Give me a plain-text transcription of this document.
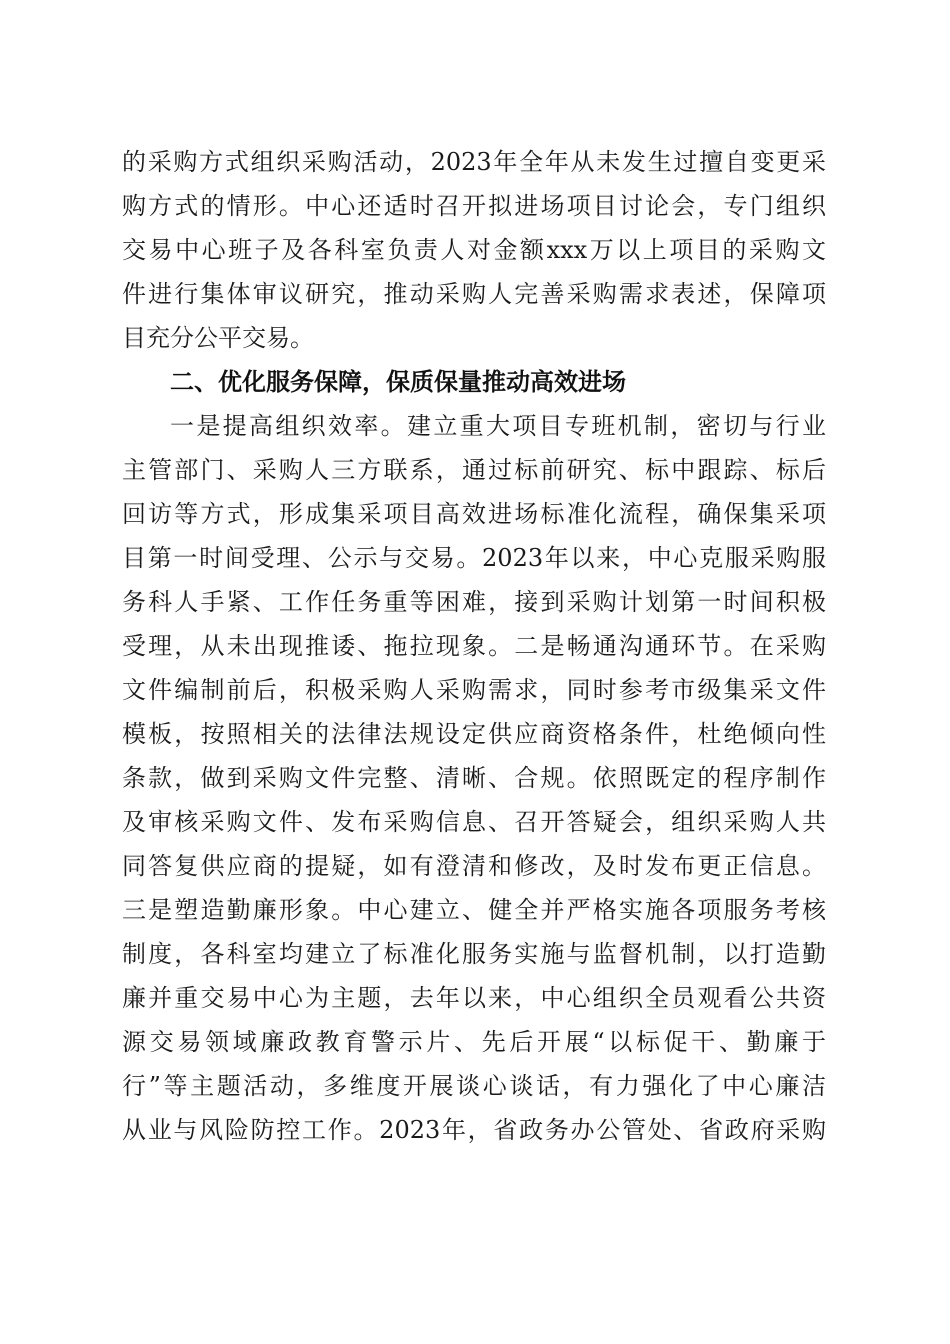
的采购方式组织采购活动，2023年全年从未发生过擅自变更采
购方式的情形。中心还适时召开拟进场项目讨论会，专门组织
交易中心班子及各科室负责人对金额xxx万以上项目的采购文
件进行集体审议研究，推动采购人完善采购需求表述，保障项
目充分公平交易。
二、优化服务保障，保质保量推动高效进场
一是提高组织效率。建立重大项目专班机制，密切与行业
主管部门、采购人三方联系，通过标前研究、标中跟踪、标后
回访等方式，形成集采项目高效进场标准化流程，确保集采项
目第一时间受理、公示与交易。2023年以来，中心克服采购服
务科人手紧、工作任务重等困难，接到采购计划第一时间积极
受理，从未出现推诿、拖拉现象。二是畅通沟通环节。在采购
文件编制前后，积极采购人采购需求，同时参考市级集采文件
模板，按照相关的法律法规设定供应商资格条件，杜绝倾向性
条款，做到采购文件完整、清晰、合规。依照既定的程序制作
及审核采购文件、发布采购信息、召开答疑会，组织采购人共
同答复供应商的提疑，如有澄清和修改，及时发布更正信息。
三是塑造勤廉形象。中心建立、健全并严格实施各项服务考核
制度，各科室均建立了标准化服务实施与监督机制，以打造勤
廉并重交易中心为主题，去年以来，中心组织全员观看公共资
源交易领域廉政教育警示片、先后开展“以标促干、勤廉于
行”等主题活动，多维度开展谈心谈话，有力强化了中心廉洁
从业与风险防控工作。2023年，省政务办公管处、省政府采购
